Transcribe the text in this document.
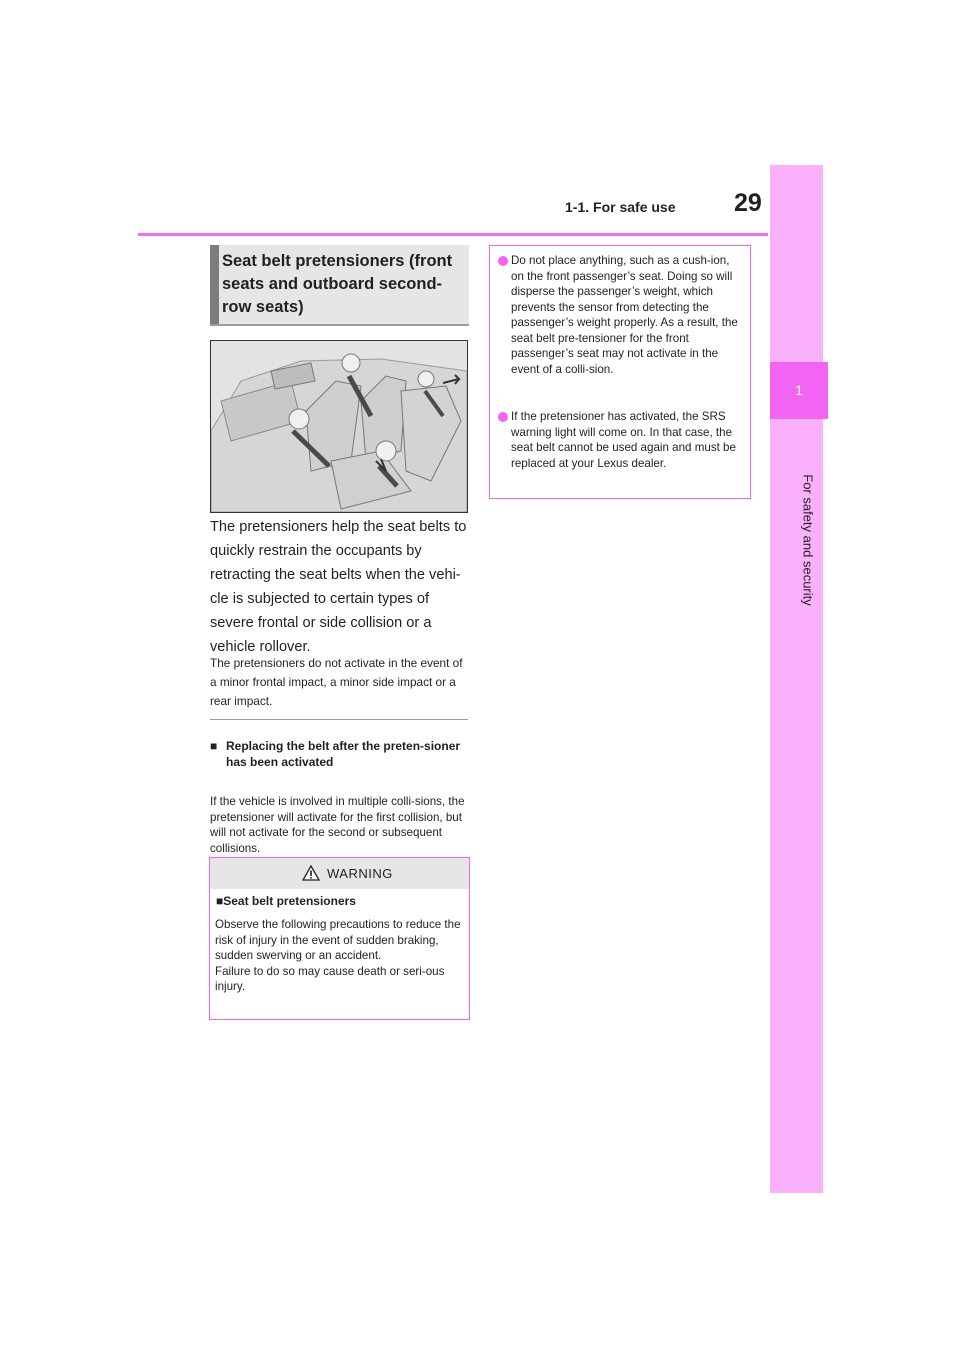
1-1. For safe use 29
1
For safety and security
Seat belt pretensioners (front seats and outboard second-row seats)
The pretensioners help the seat belts to quickly restrain the occupants by retracting the seat belts when the vehi-cle is subjected to certain types of severe frontal or side collision or a vehicle rollover.
The pretensioners do not activate in the event of a minor frontal impact, a minor side impact or a rear impact.
■ Replacing the belt after the preten-sioner has been activated
If the vehicle is involved in multiple colli-sions, the pretensioner will activate for the first collision, but will not activate for the second or subsequent collisions.
WARNING
■Seat belt pretensioners
Observe the following precautions to reduce the risk of injury in the event of sudden braking, sudden swerving or an accident.
Failure to do so may cause death or seri-ous injury.
Do not place anything, such as a cush-ion, on the front passenger’s seat. Doing so will disperse the passenger’s weight, which prevents the sensor from detecting the passenger’s weight properly. As a result, the seat belt pre-tensioner for the front passenger’s seat may not activate in the event of a colli-sion.
If the pretensioner has activated, the SRS warning light will come on. In that case, the seat belt cannot be used again and must be replaced at your Lexus dealer.
